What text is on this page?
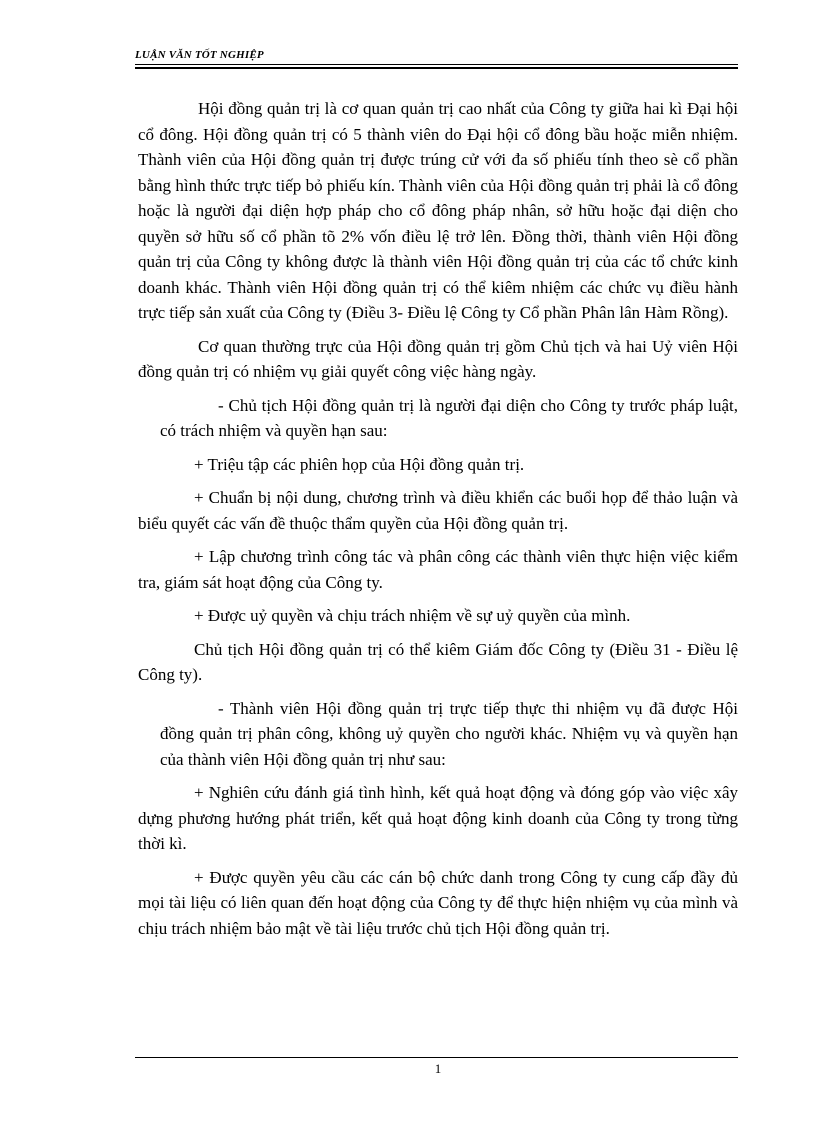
LUẬN VĂN TỐT NGHIỆP

Hội đồng quản trị là cơ quan quản trị cao nhất của Công ty giữa hai kì Đại hội cổ đông. Hội đồng quản trị có 5 thành viên do Đại hội cổ đông bầu hoặc miễn nhiệm. Thành viên của Hội đồng quản trị được trúng cử với đa số phiếu tính theo sè cổ phần bằng hình thức trực tiếp bỏ phiếu kín. Thành viên của Hội đồng quản trị phải là cổ đông hoặc là người đại diện hợp pháp cho cổ đông pháp nhân, sở hữu hoặc đại diện cho quyền sở hữu số cổ phần tõ 2% vốn điều lệ trở lên. Đồng thời, thành viên Hội đồng quản trị của Công ty không được là thành viên Hội đồng quản trị của các tổ chức kinh doanh khác. Thành viên Hội đồng quản trị có thể kiêm nhiệm các chức vụ điều hành trực tiếp sản xuất của Công ty (Điều 3- Điều lệ Công ty Cổ phần Phân lân Hàm Rồng).

Cơ quan thường trực của Hội đồng quản trị gồm Chủ tịch và hai Uỷ viên Hội đồng quản trị có nhiệm vụ giải quyết công việc hàng ngày.

- Chủ tịch Hội đồng quản trị là người đại diện cho Công ty trước pháp luật, có trách nhiệm và quyền hạn sau:

+ Triệu tập các phiên họp của Hội đồng quản trị.

+ Chuẩn bị nội dung, chương trình và điều khiển các buổi họp để thảo luận và biểu quyết các vấn đề thuộc thẩm quyền của Hội đồng quản trị.

+ Lập chương trình công tác và phân công các thành viên thực hiện việc kiểm tra, giám sát hoạt động của Công ty.

+ Được uỷ quyền và chịu trách nhiệm về sự uỷ quyền của mình.

Chủ tịch Hội đồng quản trị có thể kiêm Giám đốc Công ty (Điều 31 - Điều lệ Công ty).

- Thành viên Hội đồng quản trị trực tiếp thực thi nhiệm vụ đã được Hội đồng quản trị phân công, không uỷ quyền cho người khác. Nhiệm vụ và quyền hạn của thành viên Hội đồng quản trị như sau:

+ Nghiên cứu đánh giá tình hình, kết quả hoạt động và đóng góp vào việc xây dựng phương hướng phát triển, kết quả hoạt động kinh doanh của Công ty trong từng thời kì.

+ Được quyền yêu cầu các cán bộ chức danh trong Công ty cung cấp đầy đủ mọi tài liệu có liên quan đến hoạt động của Công ty để thực hiện nhiệm vụ của mình và chịu trách nhiệm bảo mật về tài liệu trước chủ tịch Hội đồng quản trị.

1
